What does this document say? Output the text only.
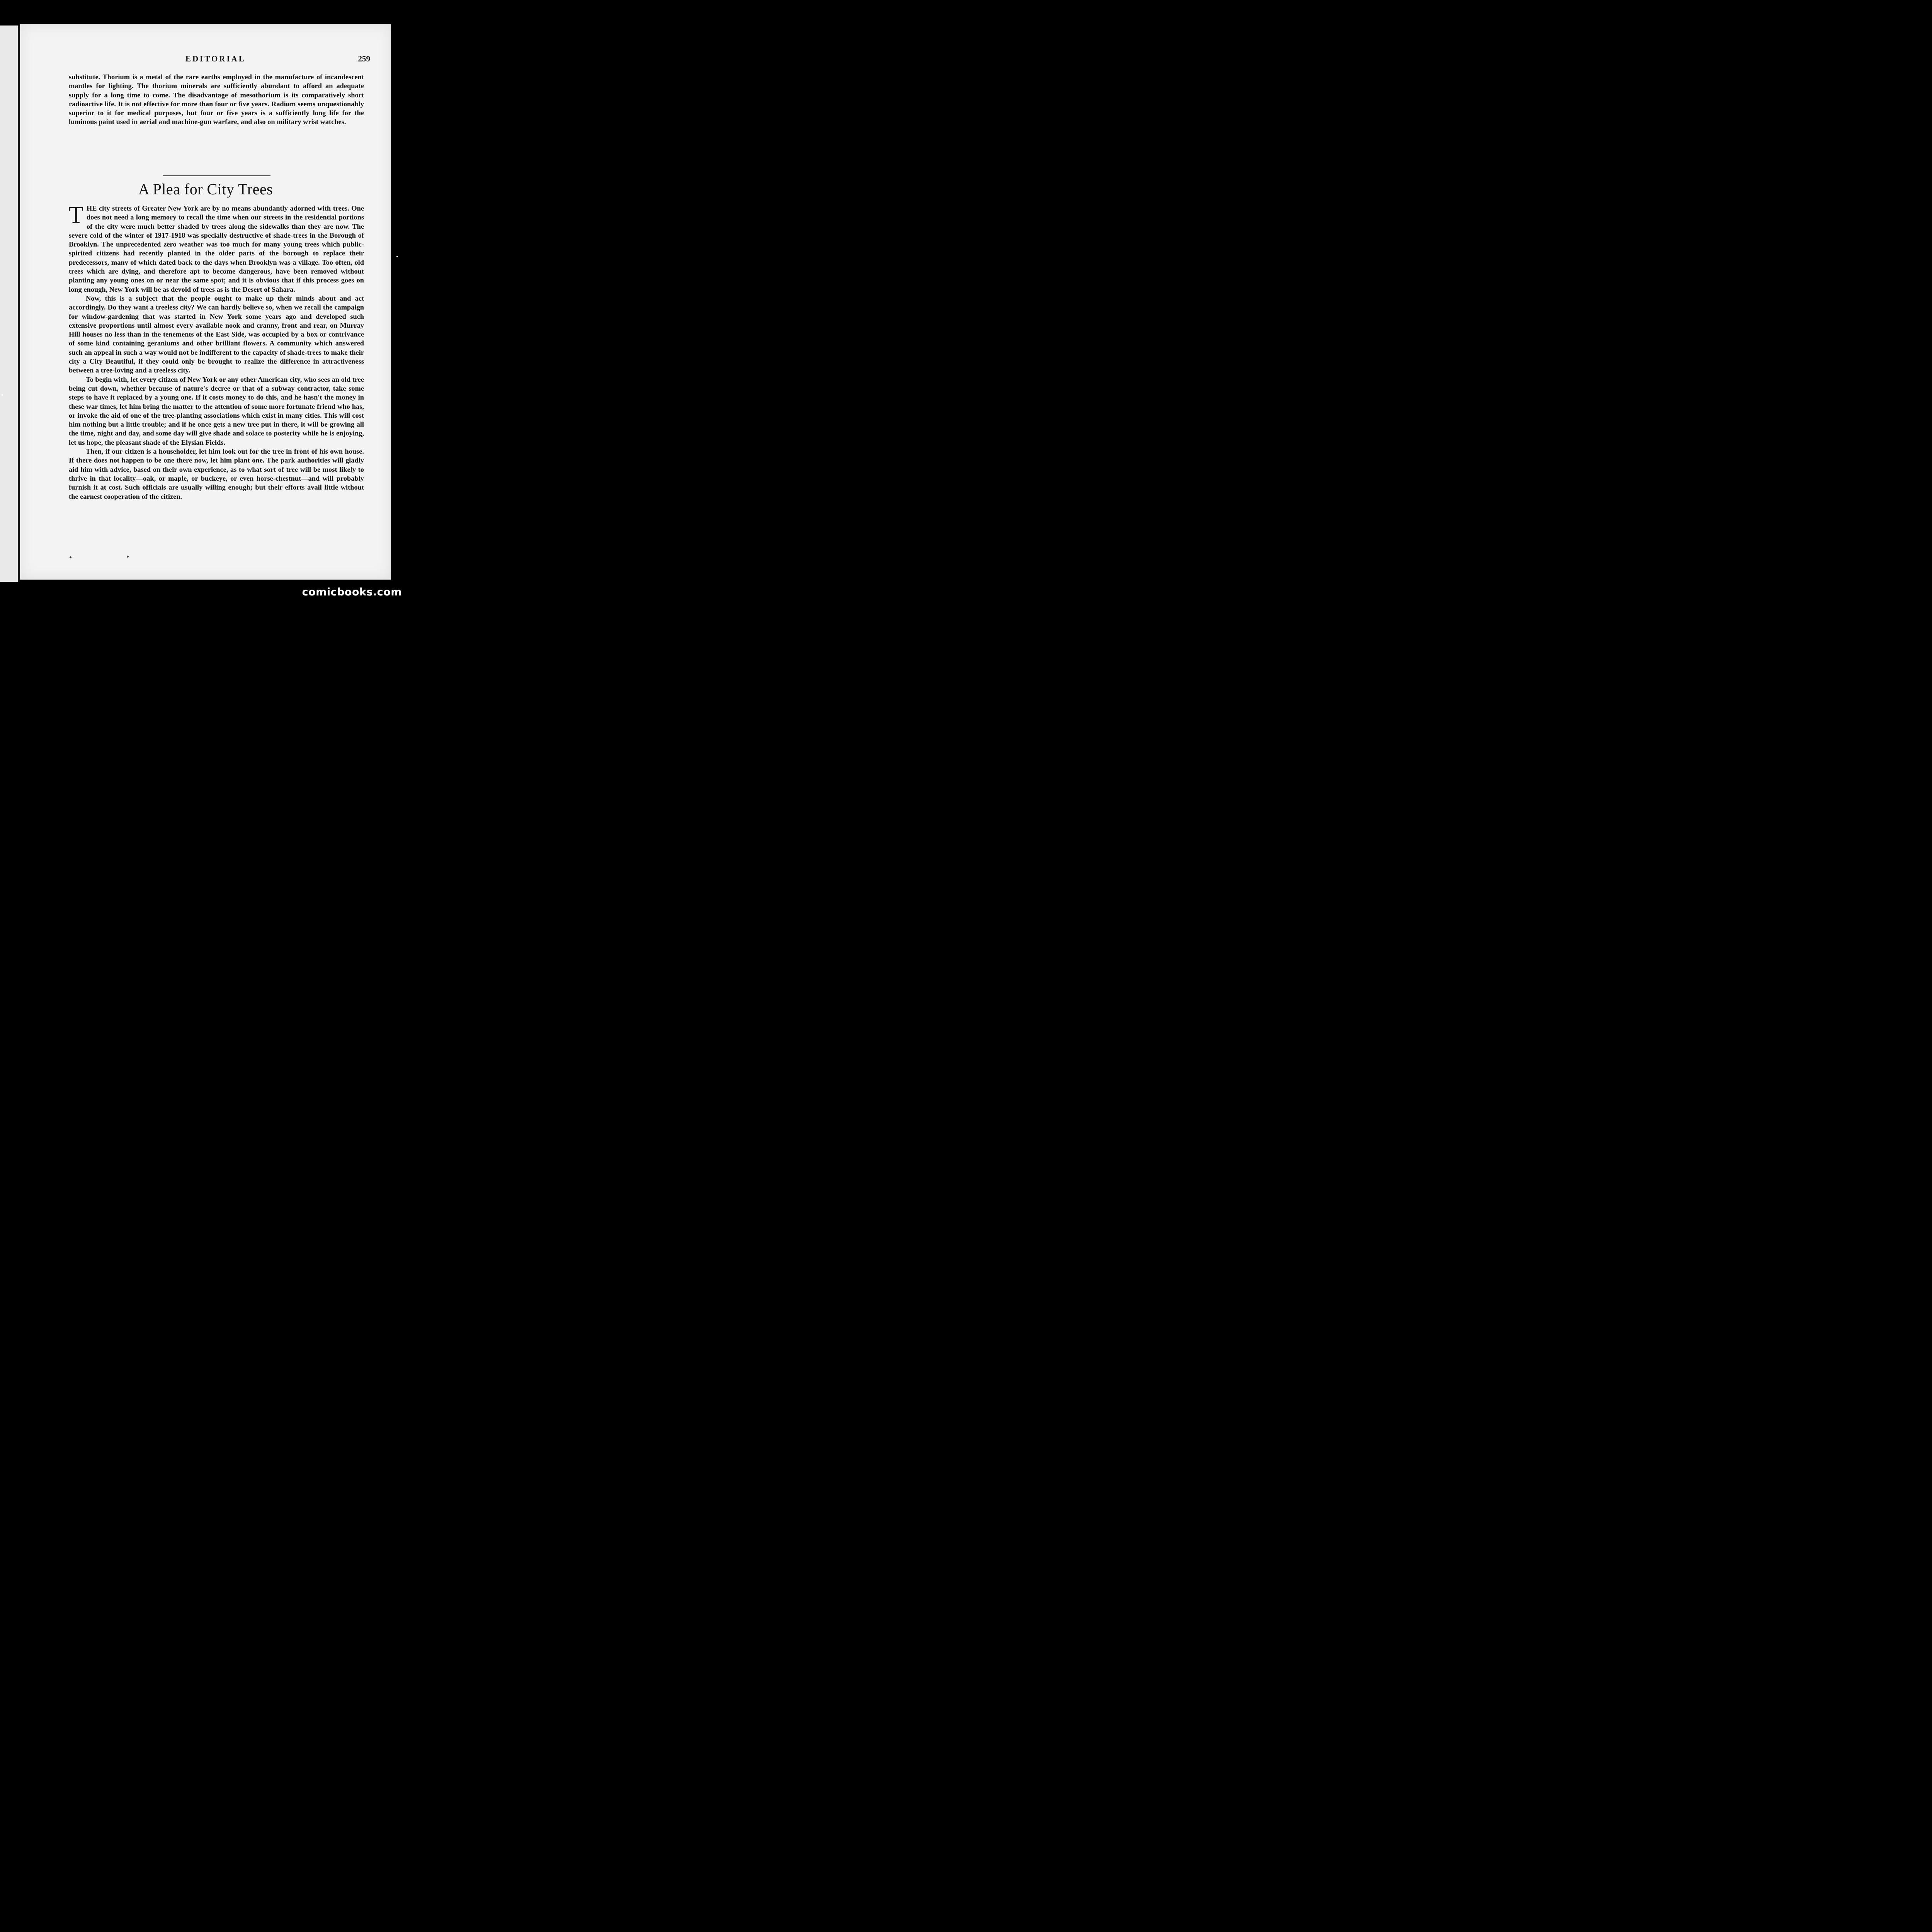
EDITORIAL	259

substitute. Thorium is a metal of the rare earths employed in the manufacture of incandescent mantles for lighting. The thorium minerals are sufficiently abundant to afford an adequate supply for a long time to come. The disadvantage of mesothorium is its comparatively short radioactive life. It is not effective for more than four or five years. Radium seems unquestionably superior to it for medical purposes, but four or five years is a sufficiently long life for the luminous paint used in aerial and machine-gun warfare, and also on military wrist watches.

A Plea for City Trees

THE city streets of Greater New York are by no means abundantly adorned with trees. One does not need a long memory to recall the time when our streets in the residential portions of the city were much better shaded by trees along the sidewalks than they are now. The severe cold of the winter of 1917-1918 was specially destructive of shade-trees in the Borough of Brooklyn. The unprecedented zero weather was too much for many young trees which public-spirited citizens had recently planted in the older parts of the borough to replace their predecessors, many of which dated back to the days when Brooklyn was a village. Too often, old trees which are dying, and therefore apt to become dangerous, have been removed without planting any young ones on or near the same spot; and it is obvious that if this process goes on long enough, New York will be as devoid of trees as is the Desert of Sahara.

Now, this is a subject that the people ought to make up their minds about and act accordingly. Do they want a treeless city? We can hardly believe so, when we recall the campaign for window-gardening that was started in New York some years ago and developed such extensive proportions until almost every available nook and cranny, front and rear, on Murray Hill houses no less than in the tenements of the East Side, was occupied by a box or contrivance of some kind containing geraniums and other brilliant flowers. A community which answered such an appeal in such a way would not be indifferent to the capacity of shade-trees to make their city a City Beautiful, if they could only be brought to realize the difference in attractiveness between a tree-loving and a treeless city.

To begin with, let every citizen of New York or any other American city, who sees an old tree being cut down, whether because of nature's decree or that of a subway contractor, take some steps to have it replaced by a young one. If it costs money to do this, and he hasn't the money in these war times, let him bring the matter to the attention of some more fortunate friend who has, or invoke the aid of one of the tree-planting associations which exist in many cities. This will cost him nothing but a little trouble; and if he once gets a new tree put in there, it will be growing all the time, night and day, and some day will give shade and solace to posterity while he is enjoying, let us hope, the pleasant shade of the Elysian Fields.

Then, if our citizen is a householder, let him look out for the tree in front of his own house. If there does not happen to be one there now, let him plant one. The park authorities will gladly aid him with advice, based on their own experience, as to what sort of tree will be most likely to thrive in that locality—oak, or maple, or buckeye, or even horse-chestnut—and will probably furnish it at cost. Such officials are usually willing enough; but their efforts avail little without the earnest cooperation of the citizen.

comicbooks.com
